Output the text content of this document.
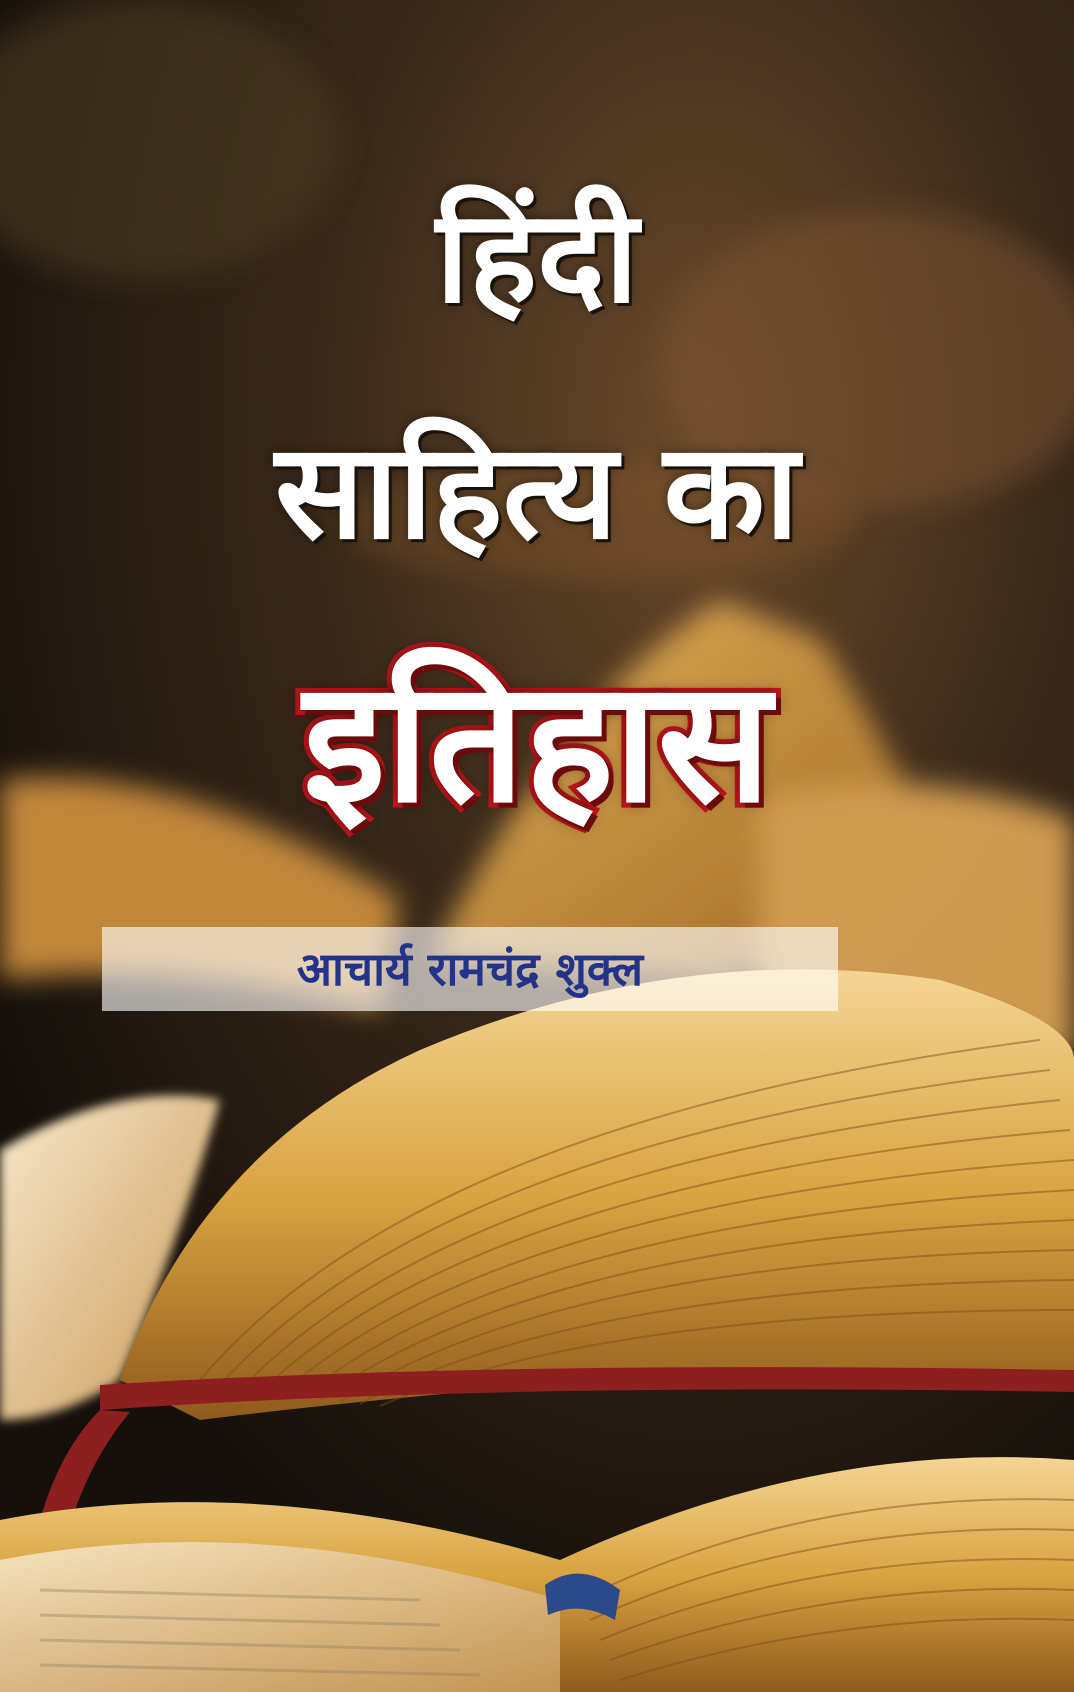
हिंदी
साहित्य का
इतिहास
आचार्य रामचंद्र शुक्ल
